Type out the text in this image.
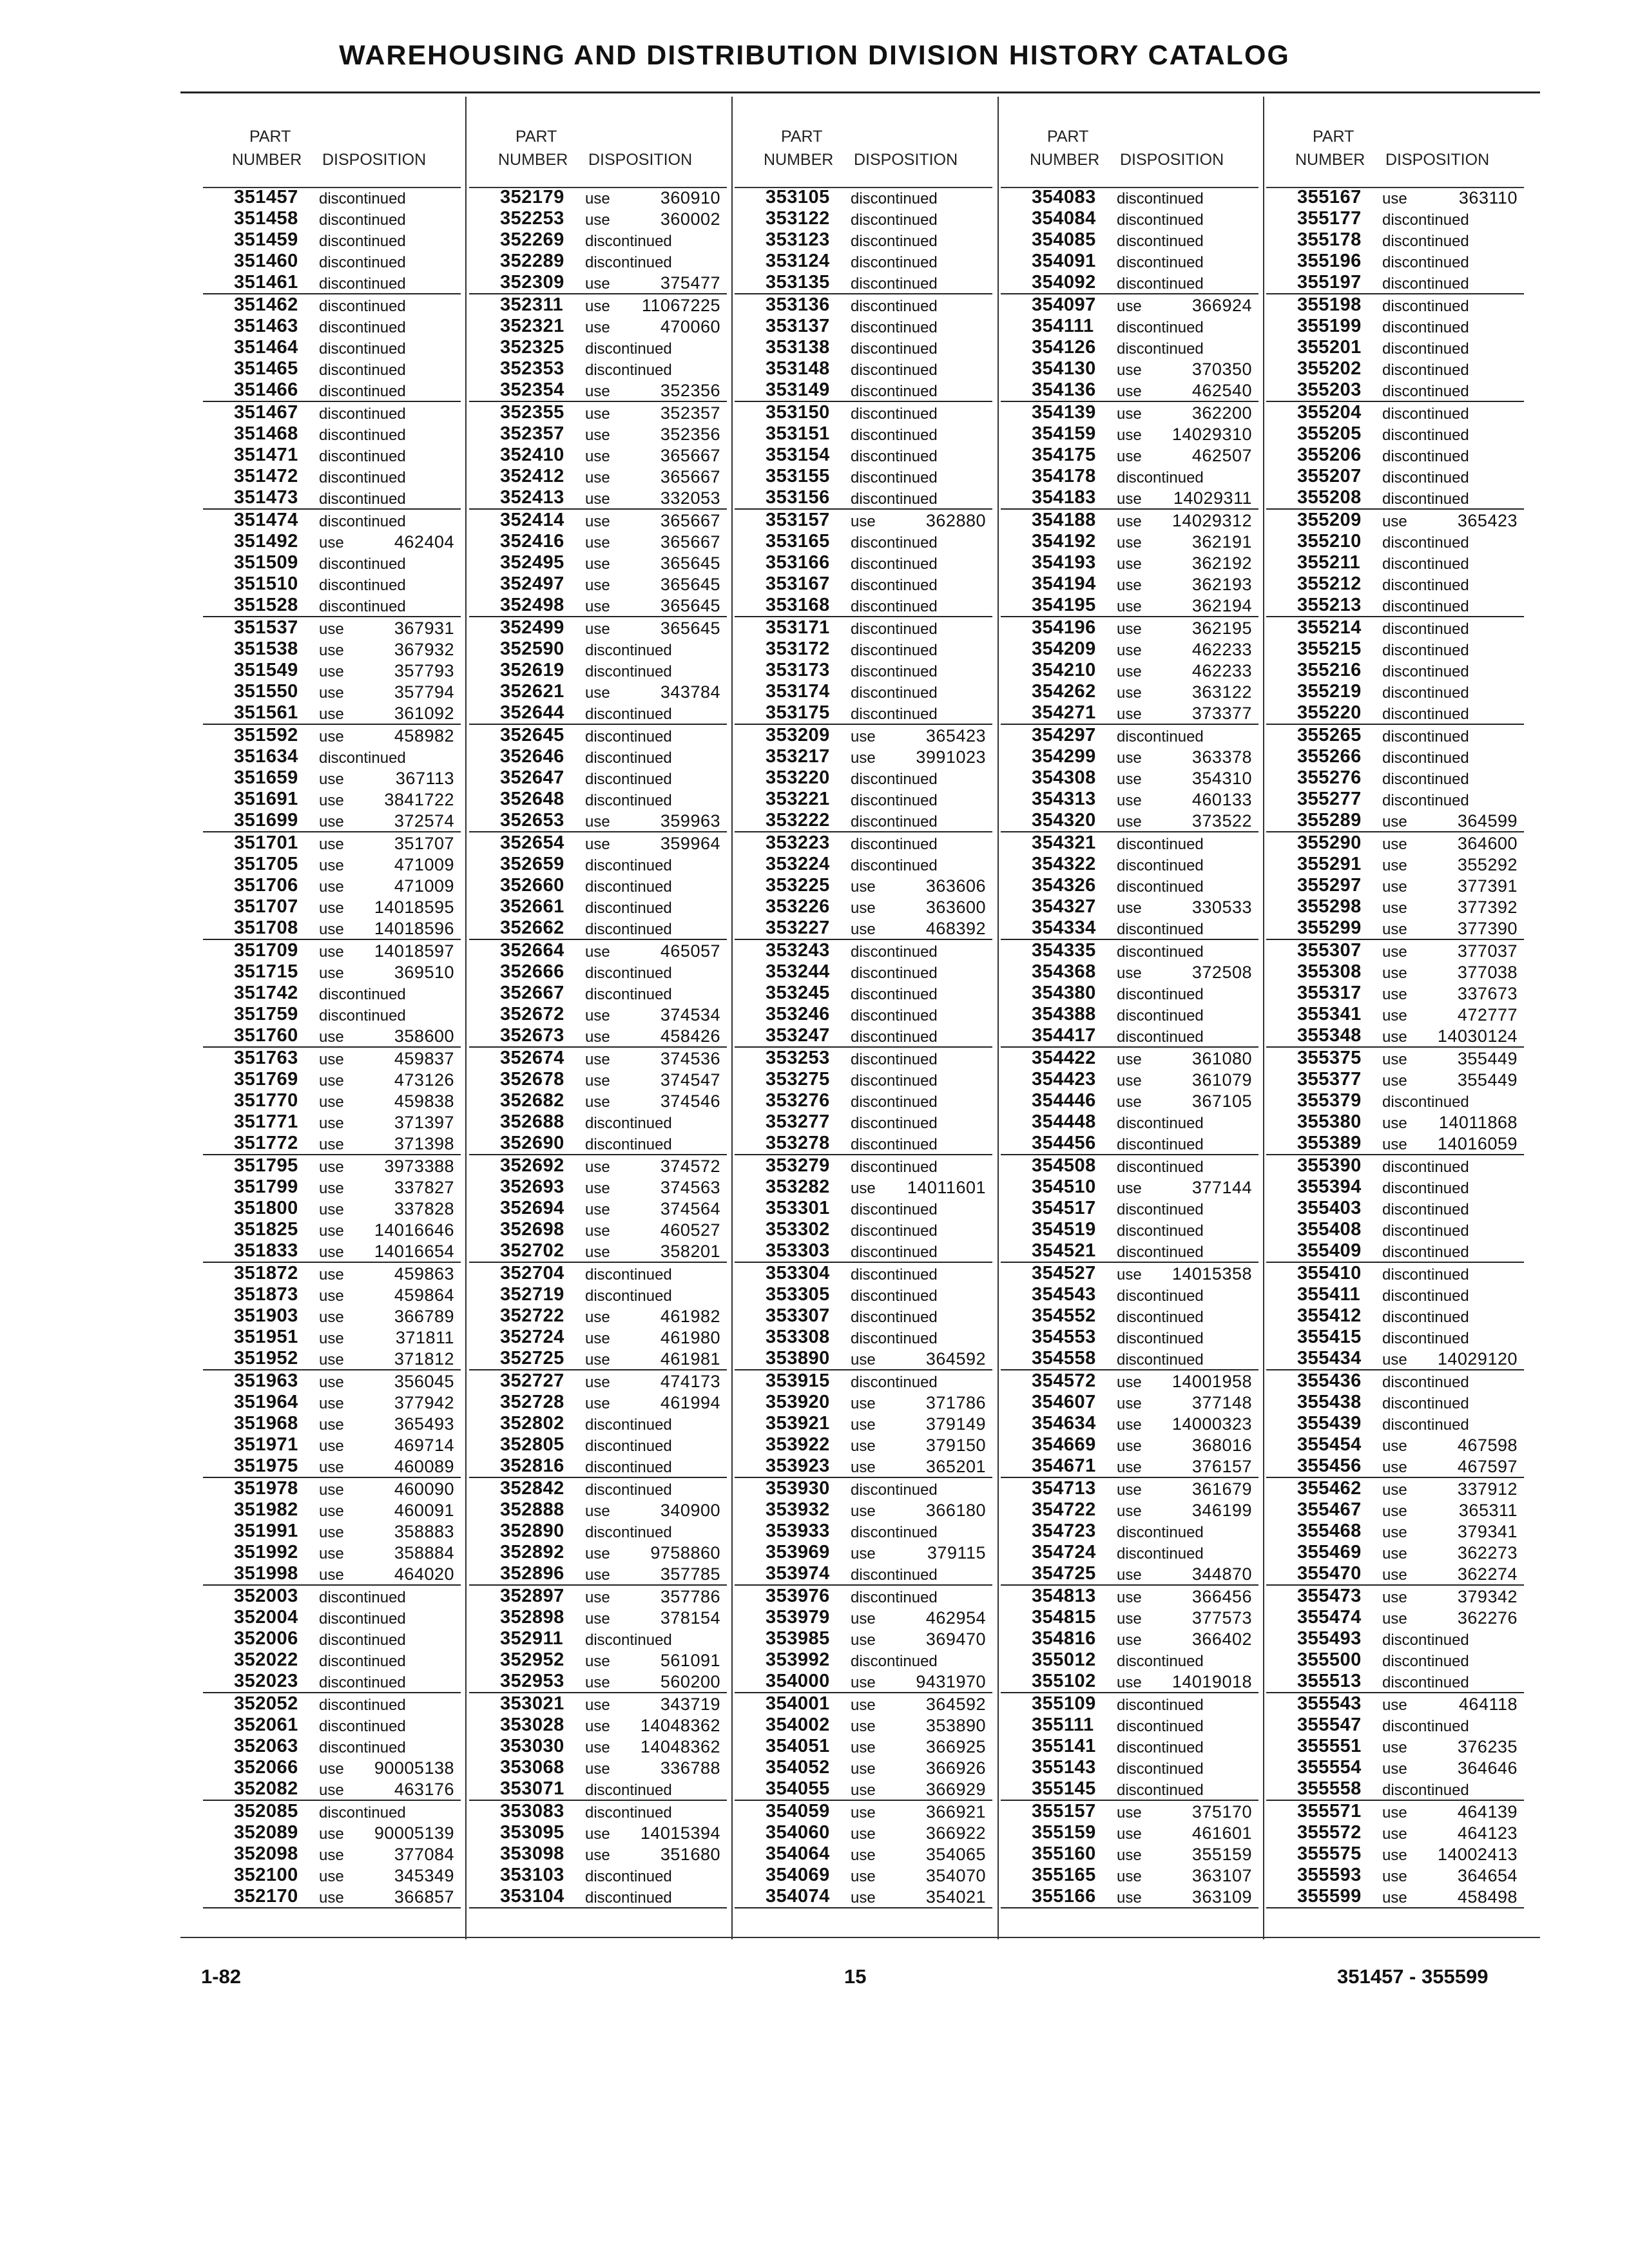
WAREHOUSING AND DISTRIBUTION DIVISION HISTORY CATALOG
PART
NUMBER DISPOSITION
351457 discontinued
351458 discontinued
351459 discontinued
351460 discontinued
351461 discontinued
351462 discontinued
351463 discontinued
351464 discontinued
351465 discontinued
351466 discontinued
351467 discontinued
351468 discontinued
351471 discontinued
351472 discontinued
351473 discontinued
351474 discontinued
351492 use	462404
351509 discontinued
351510 discontinued
351528 discontinued
351537 use	367931
351538 use	367932
351549 use	357793
351550 use	357794
351561 use	361092
351592 use	458982
351634 discontinued
351659 use	367113
351691 use 3841722
351699 use	372574
351701 use	351707
351705 use	471009
351706 use	471009
351707 use 14018595
351708 use 14018596
351709 use 14018597
351715 use	369510
351742 discontinued
351759 discontinued
351760 use	358600
351763 use	459837
351769 use	473126
351770 use	459838
351771 use	371397
351772 use	371398
351795 use 3973388
351799 use	337827
351800 use	337828
351825 use 14016646
351833 use 14016654
351872 use	459863
351873 use	459864
351903 use	366789
351951 use	371811
351952 use	371812
351963 use	356045
351964 use	377942
351968 use	365493
351971 use	469714
351975 use	460089
351978 use	460090
351982 use	460091
351991 use	358883
351992 use	358884
351998 use	464020
352003 discontinued
352004 discontinued
352006 discontinued
352022 discontinued
352023 discontinued
352052 discontinued
352061 discontinued
352063 discontinued
352066 use 90005138
352082 use	463176
352085 discontinued
352089 use 90005139
352098 use	377084
352100 use	345349
352170 use	366857
PART
NUMBER DISPOSITION
352179 use	360910
352253 use	360002
352269 discontinued
352289 discontinued
352309 use	375477
352311 use 11067225
352321 use	470060
352325 discontinued
352353 discontinued
352354 use	352356
352355 use	352357
352357 use	352356
352410 use	365667
352412 use	365667
352413 use	332053
352414 use	365667
352416 use	365667
352495 use	365645
352497 use	365645
352498 use	365645
352499 use	365645
352590 discontinued
352619 discontinued
352621 use	343784
352644 discontinued
352645 discontinued
352646 discontinued
352647 discontinued
352648 discontinued
352653 use	359963
352654 use	359964
352659 discontinued
352660 discontinued
352661 discontinued
352662 discontinued
352664 use	465057
352666 discontinued
352667 discontinued
352672 use	374534
352673 use	458426
352674 use	374536
352678 use	374547
352682 use	374546
352688 discontinued
352690 discontinued
352692 use	374572
352693 use	374563
352694 use	374564
352698 use	460527
352702 use	358201
352704 discontinued
352719 discontinued
352722 use	461982
352724 use	461980
352725 use	461981
352727 use	474173
352728 use	461994
352802 discontinued
352805 discontinued
352816 discontinued
352842 discontinued
352888 use	340900
352890 discontinued
352892 use 9758860
352896 use	357785
352897 use	357786
352898 use	378154
352911 discontinued
352952 use	561091
352953 use	560200
353021 use	343719
353028 use 14048362
353030 use 14048362
353068 use	336788
353071 discontinued
353083 discontinued
353095 use 14015394
353098 use	351680
353103 discontinued
353104 discontinued
PART
NUMBER DISPOSITION
353105 discontinued
353122 discontinued
353123 discontinued
353124 discontinued
353135 discontinued
353136 discontinued
353137 discontinued
353138 discontinued
353148 discontinued
353149 discontinued
353150 discontinued
353151 discontinued
353154 discontinued
353155 discontinued
353156 discontinued
353157 use	362880
353165 discontinued
353166 discontinued
353167 discontinued
353168 discontinued
353171 discontinued
353172 discontinued
353173 discontinued
353174 discontinued
353175 discontinued
353209 use	365423
353217 use 3991023
353220 discontinued
353221 discontinued
353222 discontinued
353223 discontinued
353224 discontinued
353225 use	363606
353226 use	363600
353227 use	468392
353243 discontinued
353244 discontinued
353245 discontinued
353246 discontinued
353247 discontinued
353253 discontinued
353275 discontinued
353276 discontinued
353277 discontinued
353278 discontinued
353279 discontinued
353282 use 14011601
353301 discontinued
353302 discontinued
353303 discontinued
353304 discontinued
353305 discontinued
353307 discontinued
353308 discontinued
353890 use	364592
353915 discontinued
353920 use	371786
353921 use	379149
353922 use	379150
353923 use	365201
353930 discontinued
353932 use	366180
353933 discontinued
353969 use	379115
353974 discontinued
353976 discontinued
353979 use	462954
353985 use	369470
353992 discontinued
354000 use 9431970
354001 use	364592
354002 use	353890
354051 use	366925
354052 use	366926
354055 use	366929
354059 use	366921
354060 use	366922
354064 use	354065
354069 use	354070
354074 use	354021
PART
NUMBER DISPOSITION
354083 discontinued
354084 discontinued
354085 discontinued
354091 discontinued
354092 discontinued
354097 use	366924
354111 discontinued
354126 discontinued
354130 use	370350
354136 use	462540
354139 use	362200
354159 use 14029310
354175 use	462507
354178 discontinued
354183 use 14029311
354188 use 14029312
354192 use	362191
354193 use	362192
354194 use	362193
354195 use	362194
354196 use	362195
354209 use	462233
354210 use	462233
354262 use	363122
354271 use	373377
354297 discontinued
354299 use	363378
354308 use	354310
354313 use	460133
354320 use	373522
354321 discontinued
354322 discontinued
354326 discontinued
354327 use	330533
354334 discontinued
354335 discontinued
354368 use	372508
354380 discontinued
354388 discontinued
354417 discontinued
354422 use	361080
354423 use	361079
354446 use	367105
354448 discontinued
354456 discontinued
354508 discontinued
354510 use	377144
354517 discontinued
354519 discontinued
354521 discontinued
354527 use 14015358
354543 discontinued
354552 discontinued
354553 discontinued
354558 discontinued
354572 use 14001958
354607 use	377148
354634 use 14000323
354669 use	368016
354671 use	376157
354713 use	361679
354722 use	346199
354723 discontinued
354724 discontinued
354725 use	344870
354813 use	366456
354815 use	377573
354816 use	366402
355012 discontinued
355102 use 14019018
355109 discontinued
355111 discontinued
355141 discontinued
355143 discontinued
355145 discontinued
355157 use	375170
355159 use	461601
355160 use	355159
355165 use	363107
355166 use	363109
PART
NUMBER DISPOSITION
355167 use	363110
355177 discontinued
355178 discontinued
355196 discontinued
355197 discontinued
355198 discontinued
355199 discontinued
355201 discontinued
355202 discontinued
355203 discontinued
355204 discontinued
355205 discontinued
355206 discontinued
355207 discontinued
355208 discontinued
355209 use	365423
355210 discontinued
355211 discontinued
355212 discontinued
355213 discontinued
355214 discontinued
355215 discontinued
355216 discontinued
355219 discontinued
355220 discontinued
355265 discontinued
355266 discontinued
355276 discontinued
355277 discontinued
355289 use	364599
355290 use	364600
355291 use	355292
355297 use	377391
355298 use	377392
355299 use	377390
355307 use	377037
355308 use	377038
355317 use	337673
355341 use	472777
355348 use 14030124
355375 use	355449
355377 use	355449
355379 discontinued
355380 use 14011868
355389 use 14016059
355390 discontinued
355394 discontinued
355403 discontinued
355408 discontinued
355409 discontinued
355410 discontinued
355411 discontinued
355412 discontinued
355415 discontinued
355434 use 14029120
355436 discontinued
355438 discontinued
355439 discontinued
355454 use	467598
355456 use	467597
355462 use	337912
355467 use	365311
355468 use	379341
355469 use	362273
355470 use	362274
355473 use	379342
355474 use	362276
355493 discontinued
355500 discontinued
355513 discontinued
355543 use	464118
355547 discontinued
355551 use	376235
355554 use	364646
355558 discontinued
355571 use	464139
355572 use	464123
355575 use 14002413
355593 use	364654
355599 use	458498
1-82	15	351457 - 355599
